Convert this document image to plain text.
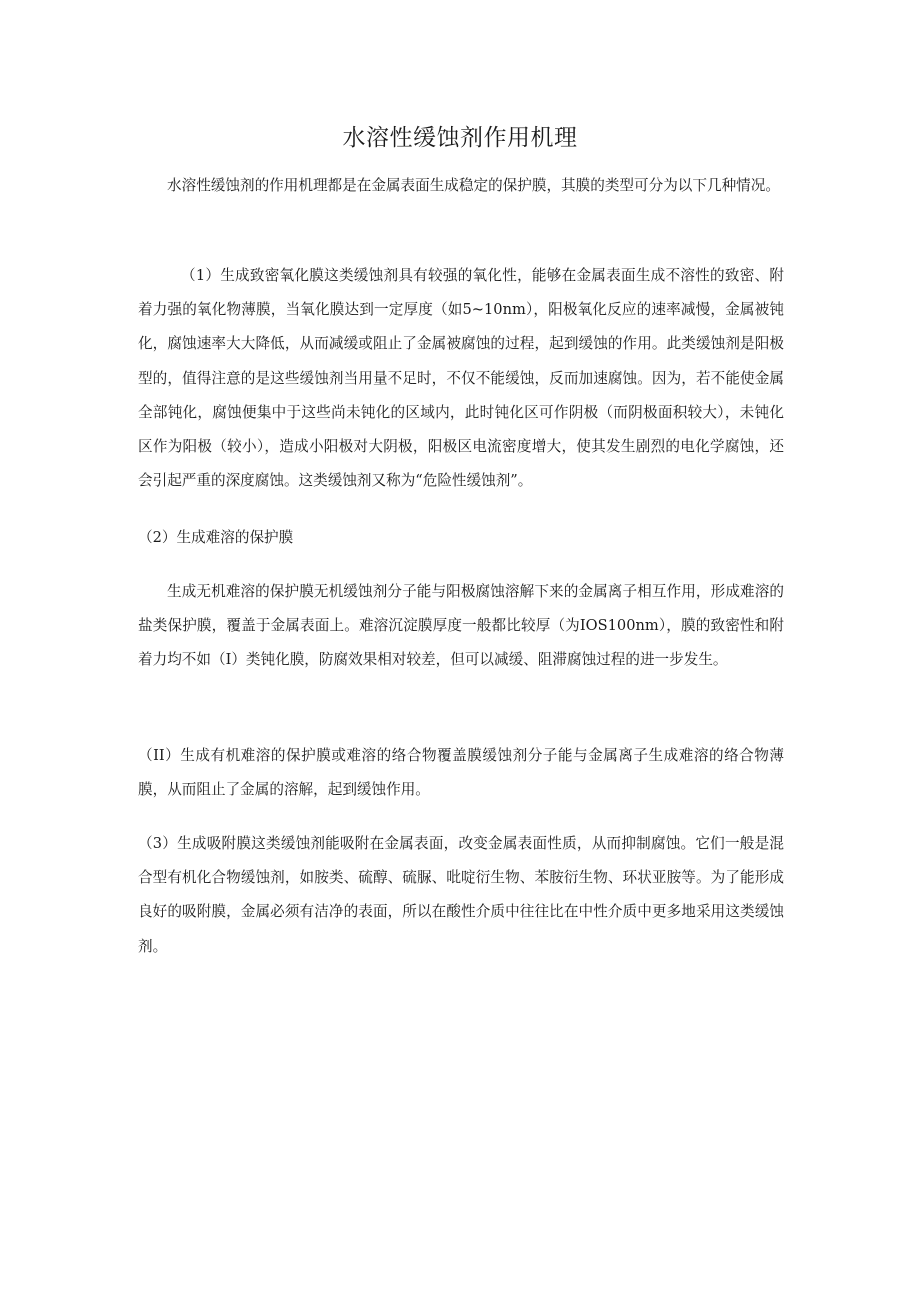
水溶性缓蚀剂作用机理

水溶性缓蚀剂的作用机理都是在金属表面生成稳定的保护膜，其膜的类型可分为以下几种情况。

（1）生成致密氧化膜这类缓蚀剂具有较强的氧化性，能够在金属表面生成不溶性的致密、附着力强的氧化物薄膜，当氧化膜达到一定厚度（如5~10nm），阳极氧化反应的速率减慢，金属被钝化，腐蚀速率大大降低，从而减缓或阻止了金属被腐蚀的过程，起到缓蚀的作用。此类缓蚀剂是阳极型的，值得注意的是这些缓蚀剂当用量不足时，不仅不能缓蚀，反而加速腐蚀。因为，若不能使金属全部钝化，腐蚀便集中于这些尚未钝化的区域内，此时钝化区可作阴极（而阴极面积较大），未钝化区作为阳极（较小），造成小阳极对大阴极，阳极区电流密度增大，使其发生剧烈的电化学腐蚀，还会引起严重的深度腐蚀。这类缓蚀剂又称为“危险性缓蚀剂”。

（2）生成难溶的保护膜

生成无机难溶的保护膜无机缓蚀剂分子能与阳极腐蚀溶解下来的金属离子相互作用，形成难溶的盐类保护膜，覆盖于金属表面上。难溶沉淀膜厚度一般都比较厚（为IOS100nm），膜的致密性和附着力均不如（I）类钝化膜，防腐效果相对较差，但可以减缓、阻滞腐蚀过程的进一步发生。

（II）生成有机难溶的保护膜或难溶的络合物覆盖膜缓蚀剂分子能与金属离子生成难溶的络合物薄膜，从而阻止了金属的溶解，起到缓蚀作用。

（3）生成吸附膜这类缓蚀剂能吸附在金属表面，改变金属表面性质，从而抑制腐蚀。它们一般是混合型有机化合物缓蚀剂，如胺类、硫醇、硫脲、吡啶衍生物、苯胺衍生物、环状亚胺等。为了能形成良好的吸附膜，金属必须有洁净的表面，所以在酸性介质中往往比在中性介质中更多地采用这类缓蚀剂。
